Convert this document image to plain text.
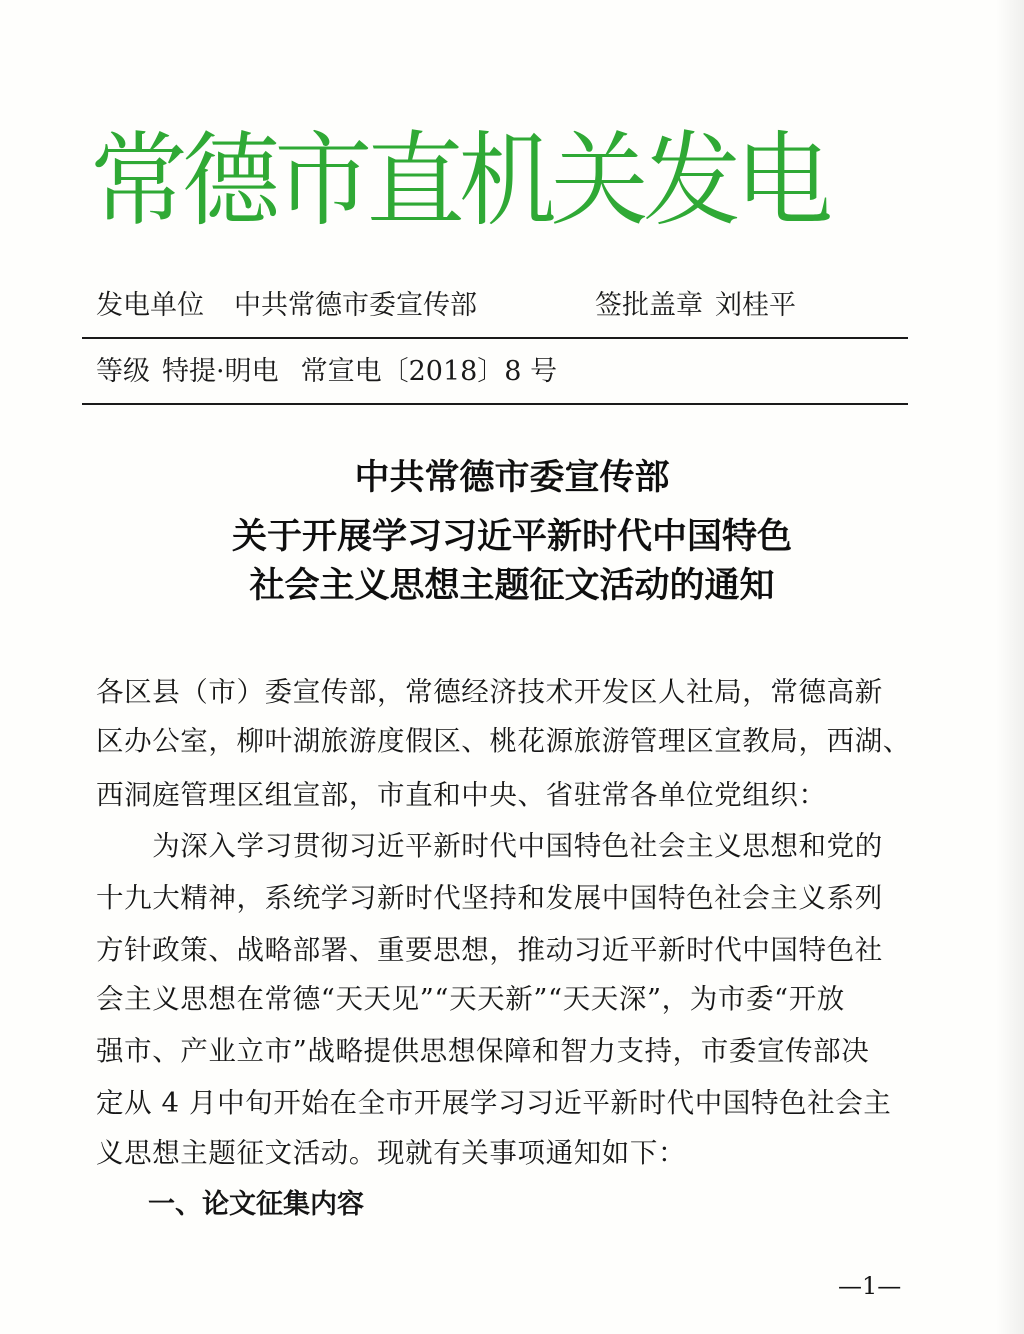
常德市直机关发电
发电单位 中共常德市委宣传部	签批盖章 刘桂平
等级 特提·明电 常宣电〔2018〕8 号
中共常德市委宣传部
关于开展学习习近平新时代中国特色
社会主义思想主题征文活动的通知
各区县（市）委宣传部，常德经济技术开发区人社局，常德高新
区办公室，柳叶湖旅游度假区、桃花源旅游管理区宣教局，西湖、
西洞庭管理区组宣部，市直和中央、省驻常各单位党组织：
　　为深入学习贯彻习近平新时代中国特色社会主义思想和党的
十九大精神，系统学习新时代坚持和发展中国特色社会主义系列
方针政策、战略部署、重要思想，推动习近平新时代中国特色社
会主义思想在常德“天天见”“天天新”“天天深”，为市委“开放
强市、产业立市”战略提供思想保障和智力支持，市委宣传部决
定从 4 月中旬开始在全市开展学习习近平新时代中国特色社会主
义思想主题征文活动。现就有关事项通知如下：
一、论文征集内容
—1—
